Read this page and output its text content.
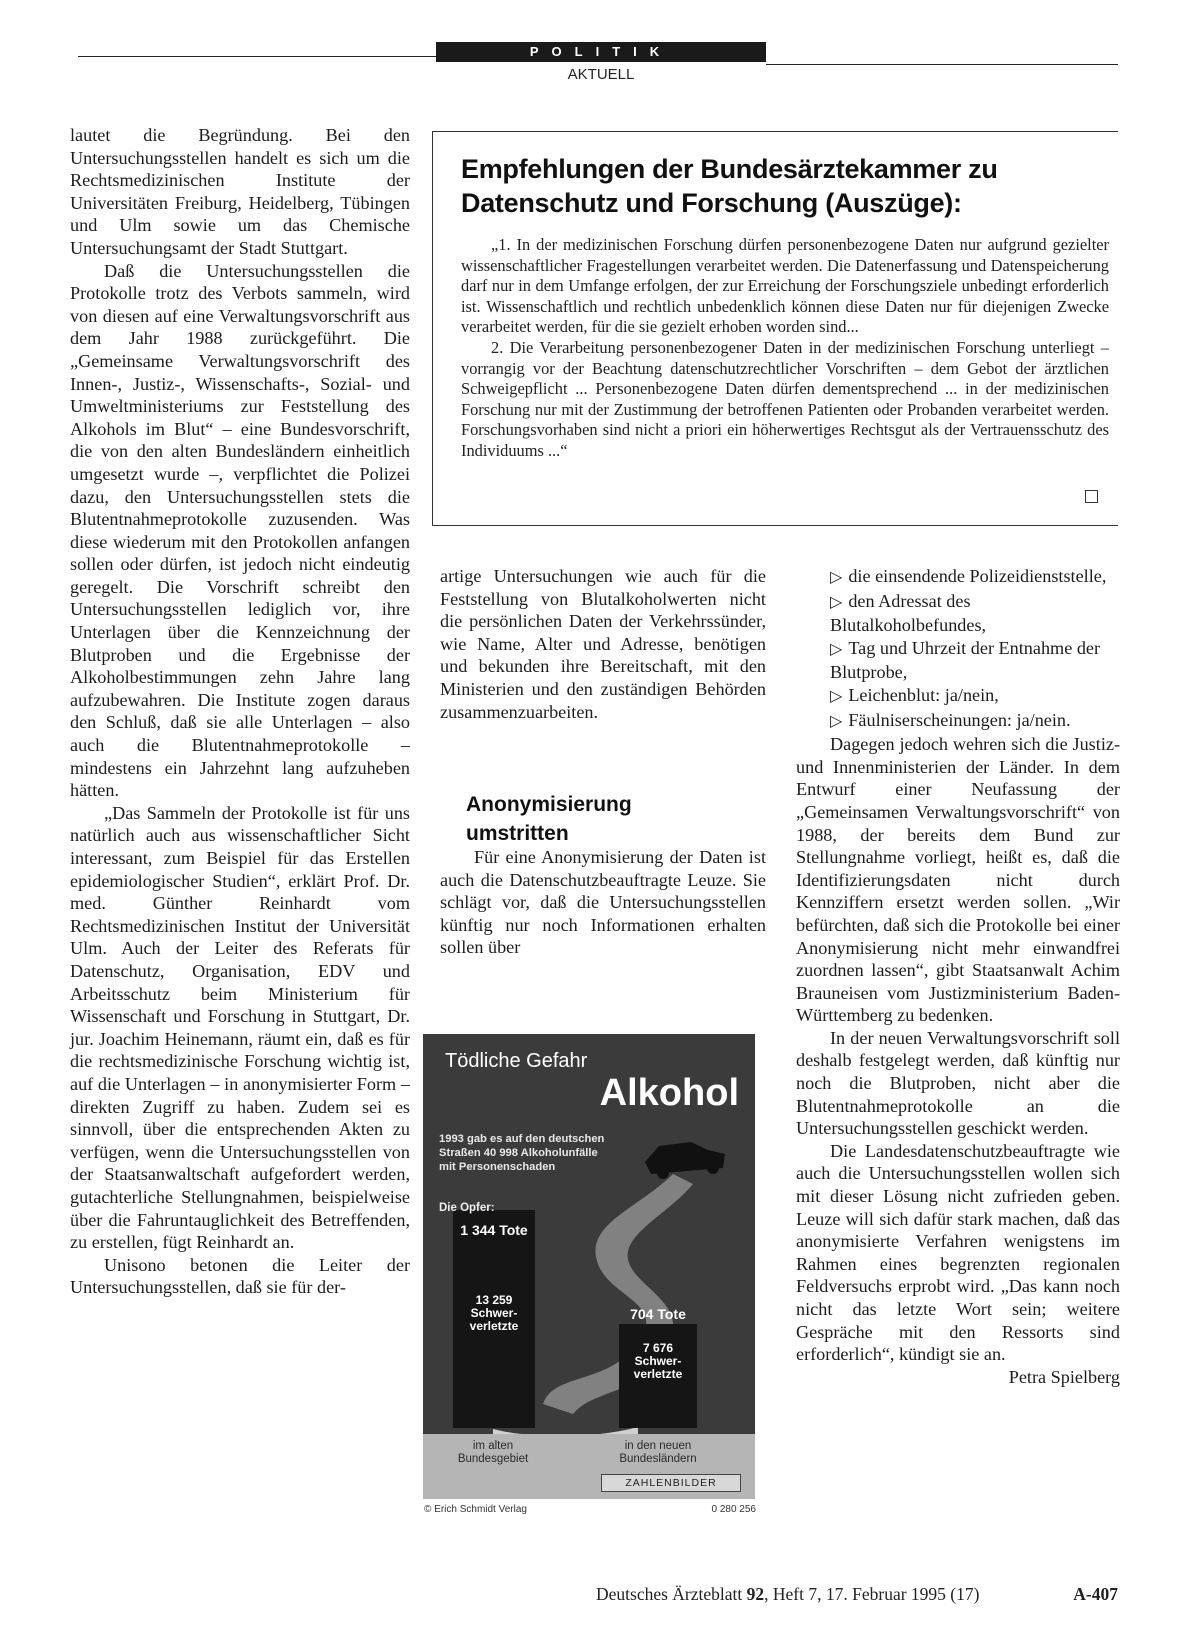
POLITIK
AKTUELL

lautet die Begründung. Bei den Untersuchungsstellen handelt es sich um die Rechtsmedizinischen Institute der Universitäten Freiburg, Heidelberg, Tübingen und Ulm sowie um das Chemische Untersuchungsamt der Stadt Stuttgart.

Daß die Untersuchungsstellen die Protokolle trotz des Verbots sammeln, wird von diesen auf eine Verwaltungsvorschrift aus dem Jahr 1988 zurückgeführt. Die „Gemeinsame Verwaltungsvorschrift des Innen-, Justiz-, Wissenschafts-, Sozial- und Umweltministeriums zur Feststellung des Alkohols im Blut“ – eine Bundesvorschrift, die von den alten Bundesländern einheitlich umgesetzt wurde –, verpflichtet die Polizei dazu, den Untersuchungsstellen stets die Blutentnahmeprotokolle zuzusenden. Was diese wiederum mit den Protokollen anfangen sollen oder dürfen, ist jedoch nicht eindeutig geregelt. Die Vorschrift schreibt den Untersuchungsstellen lediglich vor, ihre Unterlagen über die Kennzeichnung der Blutproben und die Ergebnisse der Alkoholbestimmungen zehn Jahre lang aufzubewahren. Die Institute zogen daraus den Schluß, daß sie alle Unterlagen – also auch die Blutentnahmeprotokolle – mindestens ein Jahrzehnt lang aufzuheben hätten.

„Das Sammeln der Protokolle ist für uns natürlich auch aus wissenschaftlicher Sicht interessant, zum Beispiel für das Erstellen epidemiologischer Studien“, erklärt Prof. Dr. med. Günther Reinhardt vom Rechtsmedizinischen Institut der Universität Ulm. Auch der Leiter des Referats für Datenschutz, Organisation, EDV und Arbeitsschutz beim Ministerium für Wissenschaft und Forschung in Stuttgart, Dr. jur. Joachim Heinemann, räumt ein, daß es für die rechtsmedizinische Forschung wichtig ist, auf die Unterlagen – in anonymisierter Form – direkten Zugriff zu haben. Zudem sei es sinnvoll, über die entsprechenden Akten zu verfügen, wenn die Untersuchungsstellen von der Staatsanwaltschaft aufgefordert werden, gutachterliche Stellungnahmen, beispielweise über die Fahruntauglichkeit des Betreffenden, zu erstellen, fügt Reinhardt an.

Unisono betonen die Leiter der Untersuchungsstellen, daß sie für der-

Empfehlungen der Bundesärztekammer zu Datenschutz und Forschung (Auszüge):

„1. In der medizinischen Forschung dürfen personenbezogene Daten nur aufgrund gezielter wissenschaftlicher Fragestellungen verarbeitet werden. Die Datenerfassung und Datenspeicherung darf nur in dem Umfange erfolgen, der zur Erreichung der Forschungsziele unbedingt erforderlich ist. Wissenschaftlich und rechtlich unbedenklich können diese Daten nur für diejenigen Zwecke verarbeitet werden, für die sie gezielt erhoben worden sind...

2. Die Verarbeitung personenbezogener Daten in der medizinischen Forschung unterliegt – vorrangig vor der Beachtung datenschutzrechtlicher Vorschriften – dem Gebot der ärztlichen Schweigepflicht ... Personenbezogene Daten dürfen dementsprechend ... in der medizinischen Forschung nur mit der Zustimmung der betroffenen Patienten oder Probanden verarbeitet werden. Forschungsvorhaben sind nicht a priori ein höherwertiges Rechtsgut als der Vertrauensschutz des Individuums ...“

artige Untersuchungen wie auch für die Feststellung von Blutalkoholwerten nicht die persönlichen Daten der Verkehrssünder, wie Name, Alter und Adresse, benötigen und bekunden ihre Bereitschaft, mit den Ministerien und den zuständigen Behörden zusammenzuarbeiten.

Anonymisierung
umstritten

Für eine Anonymisierung der Daten ist auch die Datenschutzbeauftragte Leuze. Sie schlägt vor, daß die Untersuchungsstellen künftig nur noch Informationen erhalten sollen über

Tödliche Gefahr
Alkohol
1993 gab es auf den deutschen Straßen 40 998 Alkoholunfälle mit Personenschaden
Die Opfer:
1 344 Tote
13 259 Schwer- verletzte
704 Tote
7 676 Schwer- verletzte
im alten Bundesgebiet
in den neuen Bundesländern
ZAHLENBILDER
© Erich Schmidt Verlag	0 280 256

▷ die einsendende Polizeidienststelle,

▷ den Adressat des Blutalkoholbefundes,

▷ Tag und Uhrzeit der Entnahme der Blutprobe,

▷ Leichenblut: ja/nein,

▷ Fäulniserscheinungen: ja/nein.

Dagegen jedoch wehren sich die Justiz- und Innenministerien der Länder. In dem Entwurf einer Neufassung der „Gemeinsamen Verwaltungsvorschrift“ von 1988, der bereits dem Bund zur Stellungnahme vorliegt, heißt es, daß die Identifizierungsdaten nicht durch Kennziffern ersetzt werden sollen. „Wir befürchten, daß sich die Protokolle bei einer Anonymisierung nicht mehr einwandfrei zuordnen lassen“, gibt Staatsanwalt Achim Brauneisen vom Justizministerium Baden-Württemberg zu bedenken.

In der neuen Verwaltungsvorschrift soll deshalb festgelegt werden, daß künftig nur noch die Blutproben, nicht aber die Blutentnahmeprotokolle an die Untersuchungsstellen geschickt werden.

Die Landesdatenschutzbeauftragte wie auch die Untersuchungsstellen wollen sich mit dieser Lösung nicht zufrieden geben. Leuze will sich dafür stark machen, daß das anonymisierte Verfahren wenigstens im Rahmen eines begrenzten regionalen Feldversuchs erprobt wird. „Das kann noch nicht das letzte Wort sein; weitere Gespräche mit den Ressorts sind erforderlich“, kündigt sie an.

Petra Spielberg

Deutsches Ärzteblatt 92, Heft 7, 17. Februar 1995 (17)	A-407
